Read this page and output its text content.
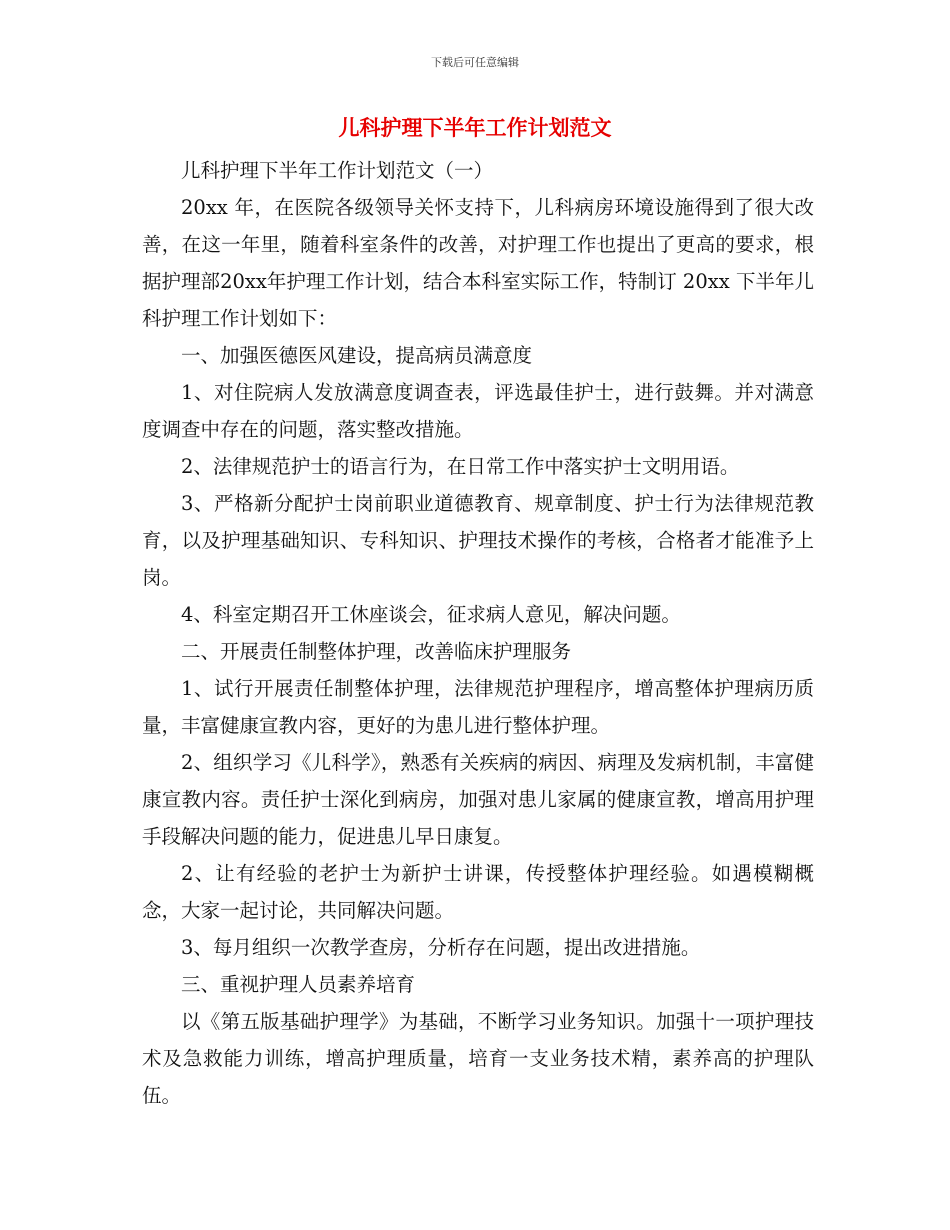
下载后可任意编辑
儿科护理下半年工作计划范文

儿科护理下半年工作计划范文（一）

20xx 年，在医院各级领导关怀支持下，儿科病房环境设施得到了很大改善，在这一年里，随着科室条件的改善，对护理工作也提出了更高的要求，根据护理部20xx年护理工作计划，结合本科室实际工作，特制订 20xx 下半年儿科护理工作计划如下：

一、加强医德医风建设，提高病员满意度

1、对住院病人发放满意度调查表，评选最佳护士，进行鼓舞。并对满意度调查中存在的问题，落实整改措施。

2、法律规范护士的语言行为，在日常工作中落实护士文明用语。

3、严格新分配护士岗前职业道德教育、规章制度、护士行为法律规范教育，以及护理基础知识、专科知识、护理技术操作的考核，合格者才能准予上岗。

4、科室定期召开工休座谈会，征求病人意见，解决问题。

二、开展责任制整体护理，改善临床护理服务

1、试行开展责任制整体护理，法律规范护理程序，增高整体护理病历质量，丰富健康宣教内容，更好的为患儿进行整体护理。

2、组织学习《儿科学》，熟悉有关疾病的病因、病理及发病机制，丰富健康宣教内容。责任护士深化到病房，加强对患儿家属的健康宣教，增高用护理手段解决问题的能力，促进患儿早日康复。

2、让有经验的老护士为新护士讲课，传授整体护理经验。如遇模糊概念，大家一起讨论，共同解决问题。

3、每月组织一次教学查房，分析存在问题，提出改进措施。

三、重视护理人员素养培育

以《第五版基础护理学》为基础，不断学习业务知识。加强十一项护理技术及急救能力训练，增高护理质量，培育一支业务技术精，素养高的护理队伍。
